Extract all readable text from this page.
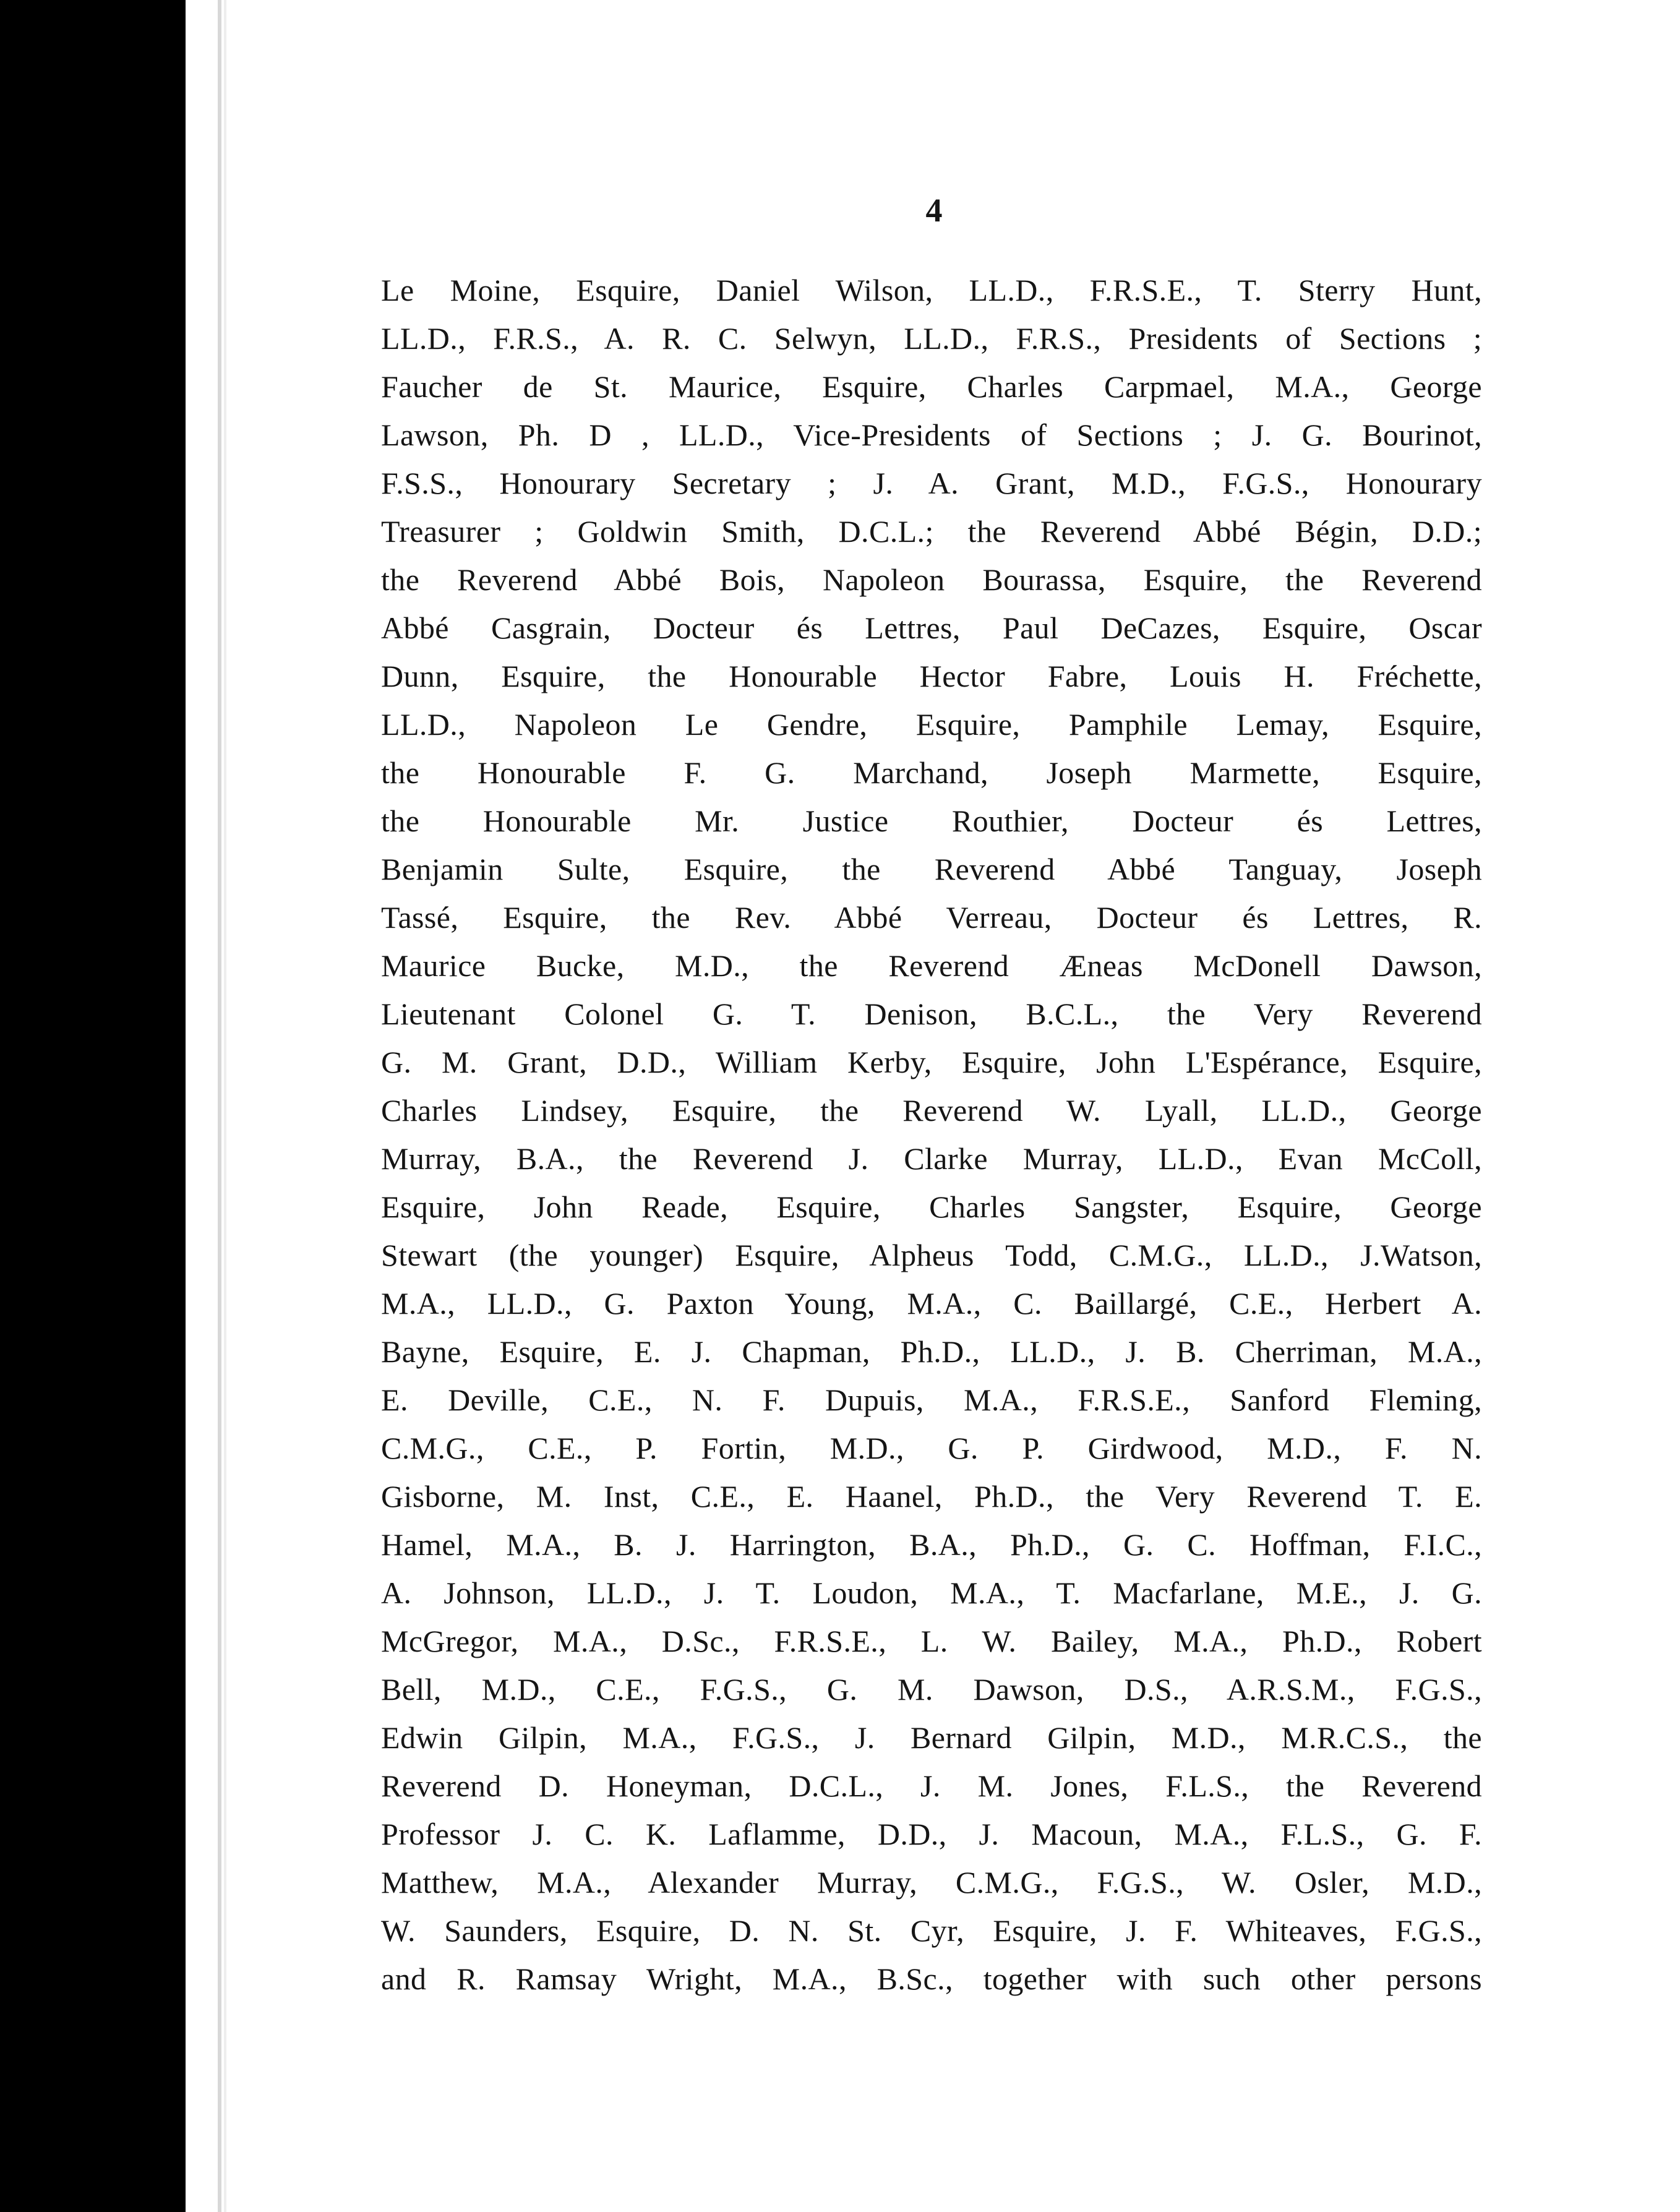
4
Le Moine, Esquire, Daniel Wilson, LL.D., F.R.S.E., T. Sterry Hunt,
LL.D., F.R.S., A. R. C. Selwyn, LL.D., F.R.S., Presidents of Sections ;
Faucher de St. Maurice, Esquire, Charles Carpmael, M.A., George
Lawson, Ph. D , LL.D., Vice-Presidents of Sections ; J. G. Bourinot,
F.S.S., Honourary Secretary ; J. A. Grant, M.D., F.G.S., Honourary
Treasurer ; Goldwin Smith, D.C.L.; the Reverend Abbé Bégin, D.D.;
the Reverend Abbé Bois, Napoleon Bourassa, Esquire, the Reverend
Abbé Casgrain, Docteur és Lettres, Paul DeCazes, Esquire, Oscar
Dunn, Esquire, the Honourable Hector Fabre, Louis H. Fréchette,
LL.D., Napoleon Le Gendre, Esquire, Pamphile Lemay, Esquire,
the Honourable F. G. Marchand, Joseph Marmette, Esquire,
the Honourable Mr. Justice Routhier, Docteur és Lettres,
Benjamin Sulte, Esquire, the Reverend Abbé Tanguay, Joseph
Tassé, Esquire, the Rev. Abbé Verreau, Docteur és Lettres, R.
Maurice Bucke, M.D., the Reverend Æneas McDonell Dawson,
Lieutenant Colonel G. T. Denison, B.C.L., the Very Reverend
G. M. Grant, D.D., William Kerby, Esquire, John L'Espérance, Esquire,
Charles Lindsey, Esquire, the Reverend W. Lyall, LL.D., George
Murray, B.A., the Reverend J. Clarke Murray, LL.D., Evan McColl,
Esquire, John Reade, Esquire, Charles Sangster, Esquire, George
Stewart (the younger) Esquire, Alpheus Todd, C.M.G., LL.D., J.Watson,
M.A., LL.D., G. Paxton Young, M.A., C. Baillargé, C.E., Herbert A.
Bayne, Esquire, E. J. Chapman, Ph.D., LL.D., J. B. Cherriman, M.A.,
E. Deville, C.E., N. F. Dupuis, M.A., F.R.S.E., Sanford Fleming,
C.M.G., C.E., P. Fortin, M.D., G. P. Girdwood, M.D., F. N.
Gisborne, M. Inst, C.E., E. Haanel, Ph.D., the Very Reverend T. E.
Hamel, M.A., B. J. Harrington, B.A., Ph.D., G. C. Hoffman, F.I.C.,
A. Johnson, LL.D., J. T. Loudon, M.A., T. Macfarlane, M.E., J. G.
McGregor, M.A., D.Sc., F.R.S.E., L. W. Bailey, M.A., Ph.D., Robert
Bell, M.D., C.E., F.G.S., G. M. Dawson, D.S., A.R.S.M., F.G.S.,
Edwin Gilpin, M.A., F.G.S., J. Bernard Gilpin, M.D., M.R.C.S., the
Reverend D. Honeyman, D.C.L., J. M. Jones, F.L.S., the Reverend
Professor J. C. K. Laflamme, D.D., J. Macoun, M.A., F.L.S., G. F.
Matthew, M.A., Alexander Murray, C.M.G., F.G.S., W. Osler, M.D.,
W. Saunders, Esquire, D. N. St. Cyr, Esquire, J. F. Whiteaves, F.G.S.,
and R. Ramsay Wright, M.A., B.Sc., together with such other persons
